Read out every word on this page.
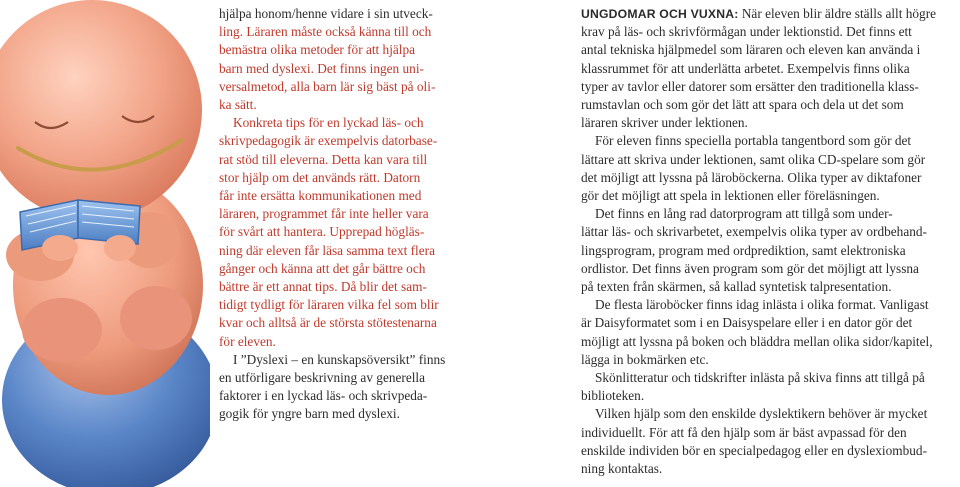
hjälpa honom/henne vidare i sin utveck-

ling. Läraren måste också känna till och
bemästra olika metoder för att hjälpa
barn med dyslexi. Det finns ingen uni-
versalmetod, alla barn lär sig bäst på oli-
ka sätt.
Konkreta tips för en lyckad läs- och
skrivpedagogik är exempelvis datorbase-
rat stöd till eleverna. Detta kan vara till
stor hjälp om det används rätt. Datorn
får inte ersätta kommunikationen med
läraren, programmet får inte heller vara
för svårt att hantera. Upprepad högläs-
ning där eleven får läsa samma text flera
gånger och känna att det går bättre och
bättre är ett annat tips. Då blir det sam-
tidigt tydligt för läraren vilka fel som blir
kvar och alltså är de största stötestenarna
för eleven.

I ”Dyslexi – en kunskapsöversikt” finns
en utförligare beskrivning av generella
faktorer i en lyckad läs- och skrivpeda-
gogik för yngre barn med dyslexi.

UNGDOMAR OCH VUXNA: När eleven blir äldre ställs allt högre
krav på läs- och skrivförmågan under lektionstid. Det finns ett
antal tekniska hjälpmedel som läraren och eleven kan använda i
klassrummet för att underlätta arbetet. Exempelvis finns olika
typer av tavlor eller datorer som ersätter den traditionella klass-
rumstavlan och som gör det lätt att spara och dela ut det som
läraren skriver under lektionen.

För eleven finns speciella portabla tangentbord som gör det
lättare att skriva under lektionen, samt olika CD-spelare som gör
det möjligt att lyssna på läroböckerna. Olika typer av diktafoner
gör det möjligt att spela in lektionen eller föreläsningen.

Det finns en lång rad datorprogram att tillgå som under-
lättar läs- och skrivarbetet, exempelvis olika typer av ordbehand-
lingsprogram, program med ordprediktion, samt elektroniska
ordlistor. Det finns även program som gör det möjligt att lyssna
på texten från skärmen, så kallad syntetisk talpresentation.

De flesta läroböcker finns idag inlästa i olika format. Vanligast
är Daisyformatet som i en Daisyspelare eller i en dator gör det
möjligt att lyssna på boken och bläddra mellan olika sidor/kapitel,
lägga in bokmärken etc.

Skönlitteratur och tidskrifter inlästa på skiva finns att tillgå på
biblioteken.

Vilken hjälp som den enskilde dyslektikern behöver är mycket
individuellt. För att få den hjälp som är bäst avpassad för den
enskilde individen bör en specialpedagog eller en dyslexiombud-
ning kontaktas.
